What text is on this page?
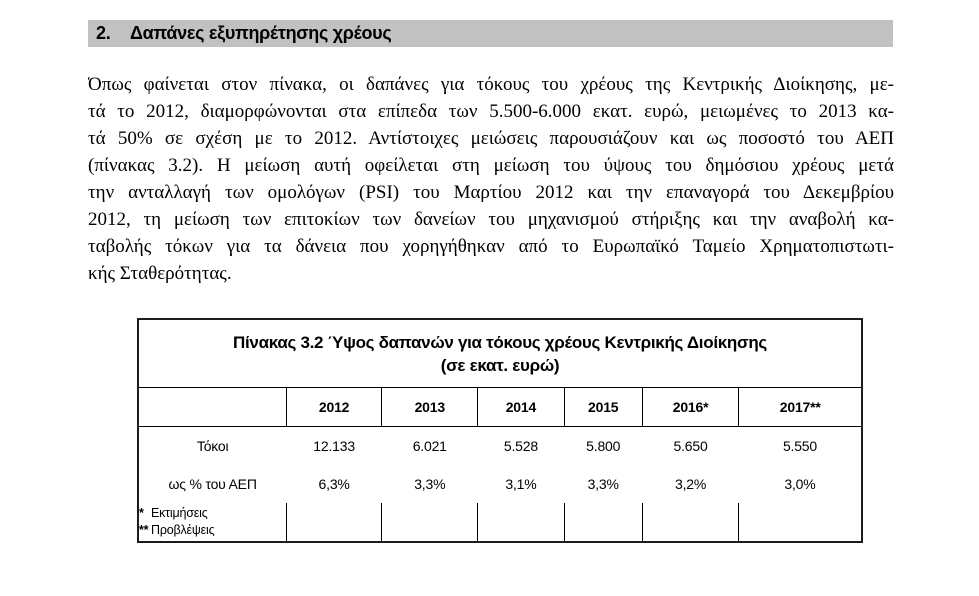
2.	Δαπάνες εξυπηρέτησης χρέους
Όπως φαίνεται στον πίνακα, οι δαπάνες για τόκους του χρέους της Κεντρικής Διοίκησης, με-
τά το 2012, διαμορφώνονται στα επίπεδα των 5.500-6.000 εκατ. ευρώ, μειωμένες το 2013 κα-
τά 50% σε σχέση με το 2012. Αντίστοιχες μειώσεις παρουσιάζουν και ως ποσοστό του ΑΕΠ
(πίνακας 3.2). Η μείωση αυτή οφείλεται στη μείωση του ύψους του δημόσιου χρέους μετά
την ανταλλαγή των ομολόγων (PSI) του Μαρτίου 2012 και την επαναγορά του Δεκεμβρίου
2012, τη μείωση των επιτοκίων των δανείων του μηχανισμού στήριξης και την αναβολή κα-
ταβολής τόκων για τα δάνεια που χορηγήθηκαν από το Ευρωπαϊκό Ταμείο Χρηματοπιστωτι-
κής Σταθερότητας.
Πίνακας 3.2 Ύψος δαπανών για τόκους χρέους Κεντρικής Διοίκησης
(σε εκατ. ευρώ)
	2012	2013	2014	2015	2016*	2017**
Τόκοι	12.133	6.021	5.528	5.800	5.650	5.550
ως % του ΑΕΠ	6,3%	3,3%	3,1%	3,3%	3,2%	3,0%

* Εκτιμήσεις
** Προβλέψεις
